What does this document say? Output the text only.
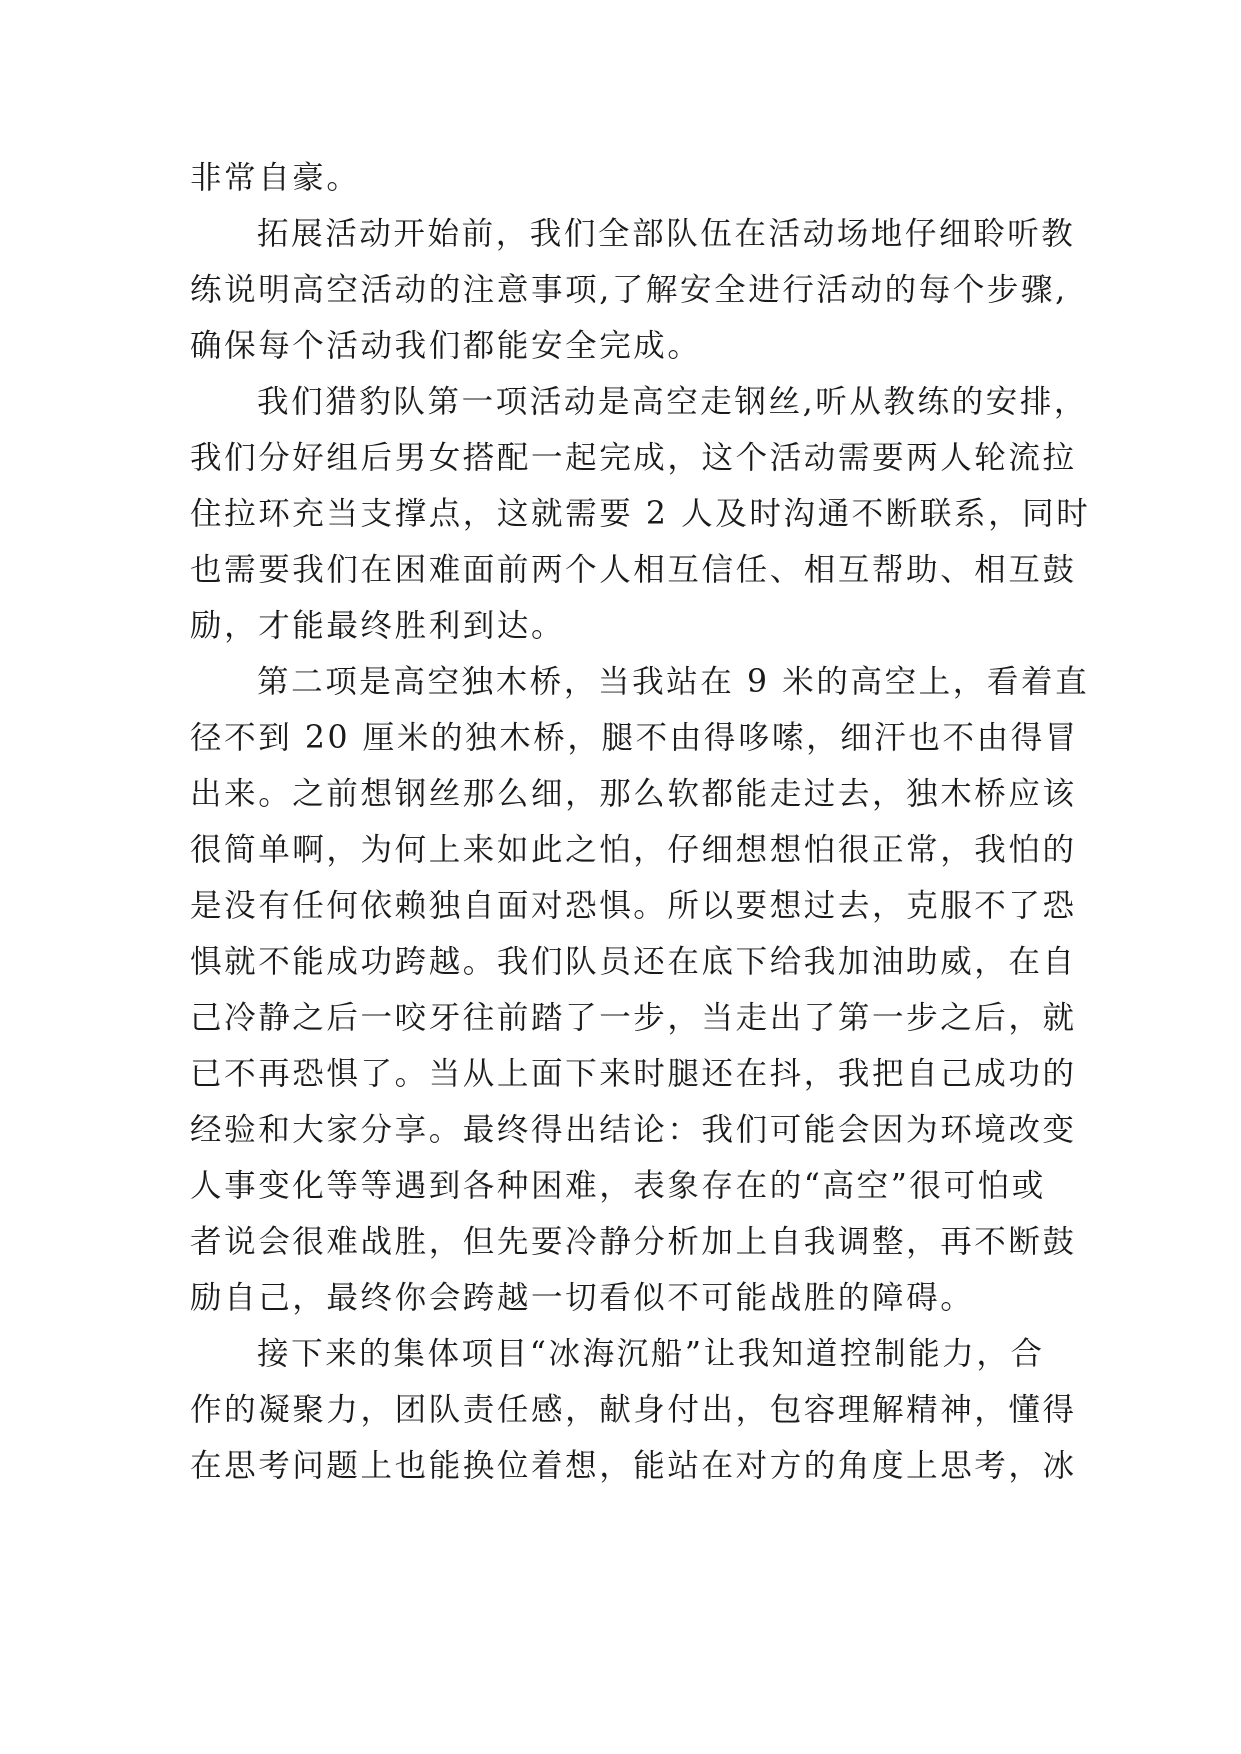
非常自豪。
拓展活动开始前，我们全部队伍在活动场地仔细聆听教
练说明高空活动的注意事项,了解安全进行活动的每个步骤,
确保每个活动我们都能安全完成。
我们猎豹队第一项活动是高空走钢丝,听从教练的安排，
我们分好组后男女搭配一起完成，这个活动需要两人轮流拉
住拉环充当支撑点，这就需要 2 人及时沟通不断联系，同时
也需要我们在困难面前两个人相互信任、相互帮助、相互鼓
励，才能最终胜利到达。
第二项是高空独木桥，当我站在 9 米的高空上，看着直
径不到 20 厘米的独木桥，腿不由得哆嗦，细汗也不由得冒
出来。之前想钢丝那么细，那么软都能走过去，独木桥应该
很简单啊，为何上来如此之怕，仔细想想怕很正常，我怕的
是没有任何依赖独自面对恐惧。所以要想过去，克服不了恐
惧就不能成功跨越。我们队员还在底下给我加油助威，在自
己冷静之后一咬牙往前踏了一步，当走出了第一步之后，就
已不再恐惧了。当从上面下来时腿还在抖，我把自己成功的
经验和大家分享。最终得出结论：我们可能会因为环境改变
人事变化等等遇到各种困难，表象存在的“高空”很可怕或
者说会很难战胜，但先要冷静分析加上自我调整，再不断鼓
励自己，最终你会跨越一切看似不可能战胜的障碍。
接下来的集体项目“冰海沉船”让我知道控制能力，合
作的凝聚力，团队责任感，献身付出，包容理解精神，懂得
在思考问题上也能换位着想，能站在对方的角度上思考，冰
